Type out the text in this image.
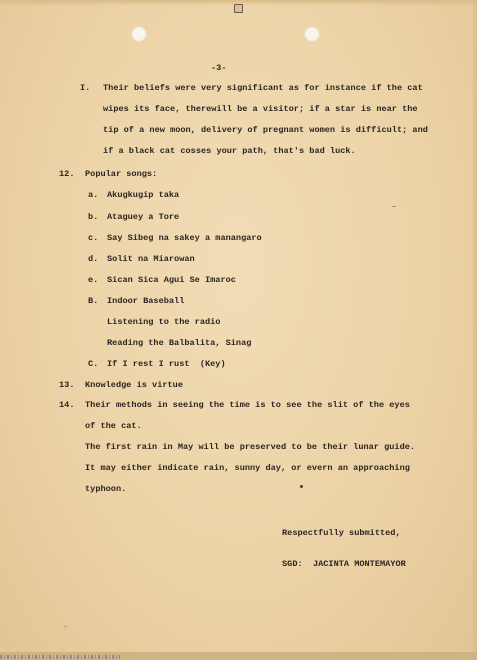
-3-
I. Their beliefs were very significant as for instance if the cat
wipes its face, therewill be a visitor; if a star is near the
tip of a new moon, delivery of pregnant women is difficult; and
if a black cat cosses your path, that's bad luck.
12. Popular songs:
a. Akugkugip taka
b. Ataguey a Tore
c. Say Sibeg na sakey a manangaro
d. Solit na Miarowan
e. Sican Sica Agui Se Imaroc
B. Indoor Baseball
Listening to the radio
Reading the Balbalita, Sinag
C. If I rest I rust  (Key)
13. Knowledge is virtue
14. Their methods in seeing the time is to see the slit of the eyes
of the cat.
The first rain in May will be preserved to be their lunar guide.
It may either indicate rain, sunny day, or evern an approaching
typhoon.
Respectfully submitted,
SGD:  JACINTA MONTEMAYOR
